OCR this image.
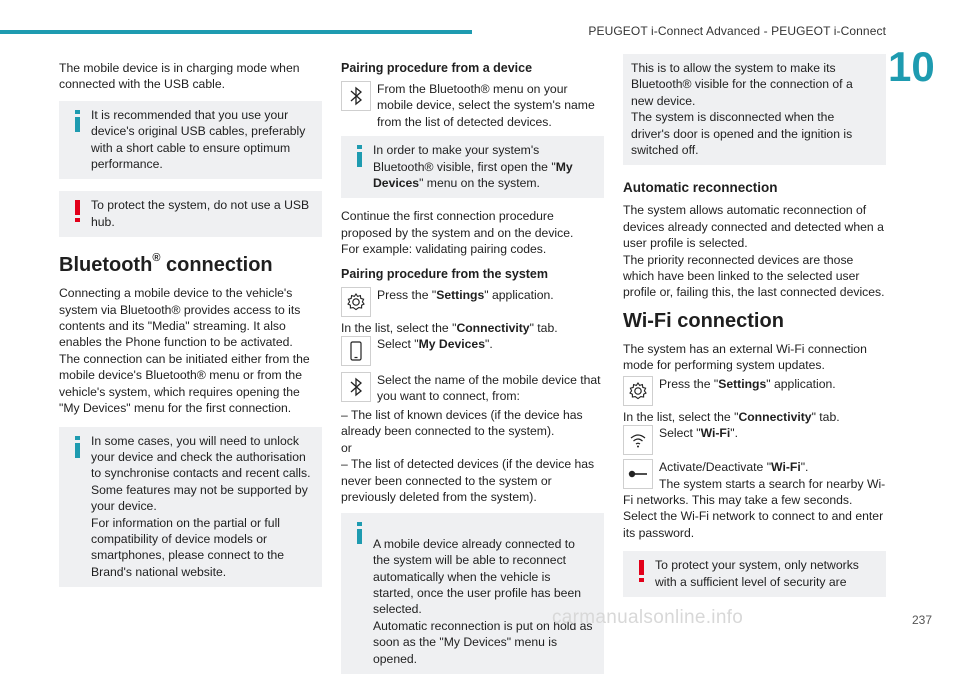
PEUGEOT i-Connect Advanced - PEUGEOT i-Connect
10

The mobile device is in charging mode when connected with the USB cable.

It is recommended that you use your device's original USB cables, preferably with a short cable to ensure optimum performance.
To protect the system, do not use a USB hub.
Bluetooth® connection

Connecting a mobile device to the vehicle's system via Bluetooth® provides access to its contents and its "Media" streaming. It also enables the Phone function to be activated.

The connection can be initiated either from the mobile device's Bluetooth® menu or from the vehicle's system, which requires opening the "My Devices" menu for the first connection.

In some cases, you will need to unlock your device and check the authorisation to synchronise contacts and recent calls.
Some features may not be supported by your device.
For information on the partial or full compatibility of device models or smartphones, please connect to the Brand's national website.
Pairing procedure from a device
From the Bluetooth® menu on your mobile device, select the system's name from the list of detected devices.
In order to make your system's Bluetooth® visible, first open the "My Devices" menu on the system.

Continue the first connection procedure proposed by the system and on the device.
For example: validating pairing codes.

Pairing procedure from the system
Press the "Settings" application.

In the list, select the "Connectivity" tab.

Select "My Devices".
Select the name of the mobile device that you want to connect, from:
– The list of known devices (if the device has already been connected to the system).
or

– The list of detected devices (if the device has never been connected to the system or previously deleted from the system).

A mobile device already connected to the system will be able to reconnect automatically when the vehicle is started, once the user profile has been selected.
Automatic reconnection is put on hold as soon as the "My Devices" menu is opened.
This is to allow the system to make its Bluetooth® visible for the connection of a new device.
The system is disconnected when the driver's door is opened and the ignition is switched off.
Automatic reconnection

The system allows automatic reconnection of devices already connected and detected when a user profile is selected.
The priority reconnected devices are those which have been linked to the selected user profile or, failing this, the last connected devices.

Wi-Fi connection

The system has an external Wi-Fi connection mode for performing system updates.

Press the "Settings" application.

In the list, select the "Connectivity" tab.

Select "Wi-Fi".
Activate/Deactivate "Wi-Fi".
The system starts a search for nearby Wi-Fi networks. This may take a few seconds.
Select the Wi-Fi network to connect to and enter its password.
To protect your system, only networks with a sufficient level of security are
carmanualsonline.info	237
